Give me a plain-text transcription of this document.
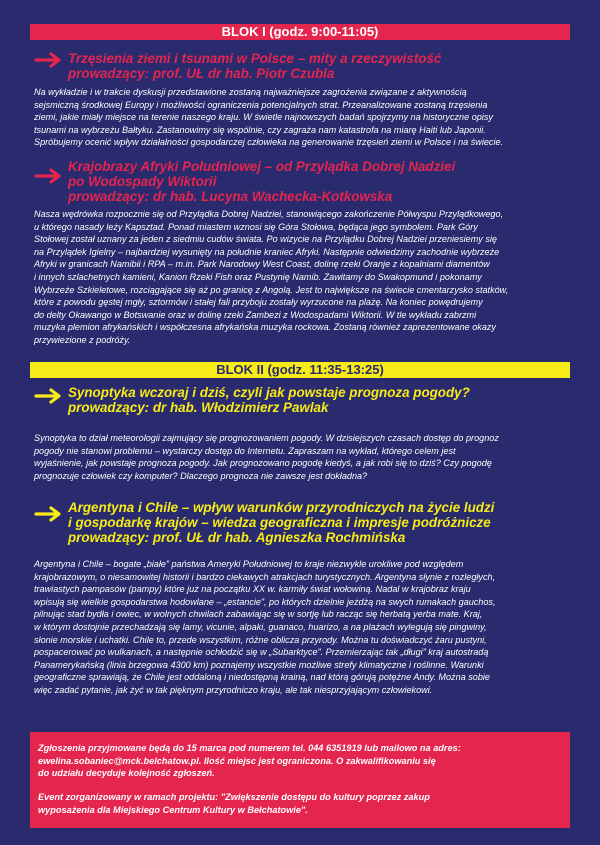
BLOK I (godz. 9:00-11:05)
Trzęsienia ziemi i tsunami w Polsce – mity a rzeczywistość
prowadzący: prof. UŁ dr hab. Piotr Czubla
Na wykładzie i w trakcie dyskusji przedstawione zostaną najważniejsze zagrożenia związane z aktywnością
sejsmiczną środkowej Europy i możliwości ograniczenia potencjalnych strat. Przeanalizowane zostaną trzęsienia
ziemi, jakie miały miejsce na terenie naszego kraju. W świetle najnowszych badań spojrzymy na historyczne opisy
tsunami na wybrzeżu Bałtyku. Zastanowimy się wspólnie, czy zagraża nam katastrofa na miarę Haiti lub Japonii.
Spróbujemy ocenić wpływ działalności gospodarczej człowieka na generowanie trzęsień ziemi w Polsce i na świecie.
Krajobrazy Afryki Południowej – od Przylądka Dobrej Nadziei
po Wodospady Wiktorii
prowadzący: dr hab. Lucyna Wachecka-Kotkowska
Nasza wędrówka rozpocznie się od Przylądka Dobrej Nadziei, stanowiącego zakończenie Półwyspu Przylądkowego,
u którego nasady leży Kapsztad. Ponad miastem wznosi się Góra Stołowa, będąca jego symbolem. Park Góry
Stołowej został uznany za jeden z siedmiu cudów świata. Po wizycie na Przylądku Dobrej Nadziei przeniesiemy się
na Przylądek Igielny – najbardziej wysunięty na południe kraniec Afryki. Następnie odwiedzimy zachodnie wybrzeże
Afryki w granicach Namibii i RPA – m.in. Park Narodowy West Coast, dolinę rzeki Oranje z kopalniami diamentów
i innych szlachetnych kamieni, Kanion Rzeki Fish oraz Pustynię Namib. Zawitamy do Swakopmund i pokonamy
Wybrzeże Szkieletowe, rozciągające się aż po granicę z Angolą. Jest to największe na świecie cmentarzysko statków,
które z powodu gęstej mgły, sztormów i stałej fali przyboju zostały wyrzucone na plażę. Na koniec powędrujemy
do delty Okawango w Botswanie oraz w dolinę rzeki Zambezi z Wodospadami Wiktorii. W tle wykładu zabrzmi
muzyka plemion afrykańskich i współczesna afrykańska muzyka rockowa. Zostaną również zaprezentowane okazy
przywiezione z podróży.
BLOK II (godz. 11:35-13:25)
Synoptyka wczoraj i dziś, czyli jak powstaje prognoza pogody?
prowadzący: dr hab. Włodzimierz Pawlak
Synoptyka to dział meteorologii zajmujący się prognozowaniem pogody. W dzisiejszych czasach dostęp do prognoz
pogody nie stanowi problemu – wystarczy dostęp do Internetu. Zapraszam na wykład, którego celem jest
wyjaśnienie, jak powstaje prognoza pogody. Jak prognozowano pogodę kiedyś, a jak robi się to dziś? Czy pogodę
prognozuje człowiek czy komputer? Dlaczego prognoza nie zawsze jest dokładna?
Argentyna i Chile – wpływ warunków przyrodniczych na życie ludzi
i gospodarkę krajów – wiedza geograficzna i impresje podróżnicze
prowadzący: prof. UŁ dr hab. Agnieszka Rochmińska
Argentyna i Chile – bogate „białe” państwa Ameryki Południowej to kraje niezwykle urokliwe pod względem
krajobrazowym, o niesamowitej historii i bardzo ciekawych atrakcjach turystycznych. Argentyna słynie z rozległych,
trawiastych pampasów (pampy) które już na początku XX w. karmiły świat wołowiną. Nadal w krajobraz kraju
wpisują się wielkie gospodarstwa hodowlane – „estancie”, po których dzielnie jeżdżą na swych rumakach gauchos,
pilnując stad bydła i owiec, w wolnych chwilach zabawiając się w sortję lub racząc się herbatą yerba mate. Kraj,
w którym dostojnie przechadzają się lamy, vicunie, alpaki, guanaco, huarizo, a na plażach wylegują się pingwiny,
słonie morskie i uchatki. Chile to, przede wszystkim, różne oblicza przyrody. Można tu doświadczyć żaru pustyni,
pospacerować po wulkanach, a następnie ochłodzić się w „Subarktyce”. Przemierzając tak „długi” kraj autostradą
Panamerykańską (linia brzegowa 4300 km) poznajemy wszystkie możliwe strefy klimatyczne i roślinne. Warunki
geograficzne sprawiają, że Chile jest oddaloną i niedostępną krainą, nad którą górują potężne Andy. Można sobie
więc zadać pytanie, jak żyć w tak pięknym przyrodniczo kraju, ale tak niesprzyjającym człowiekowi.
Zgłoszenia przyjmowane będą do 15 marca pod numerem tel. 044 6351919 lub mailowo na adres:
ewelina.sobaniec@mck.belchatow.pl. Ilość miejsc jest ograniczona. O zakwalifikowaniu się
do udziału decyduje kolejność zgłoszeń.
Event zorganizowany w ramach projektu: "Zwiększenie dostępu do kultury poprzez zakup
wyposażenia dla Miejskiego Centrum Kultury w Bełchatowie".
